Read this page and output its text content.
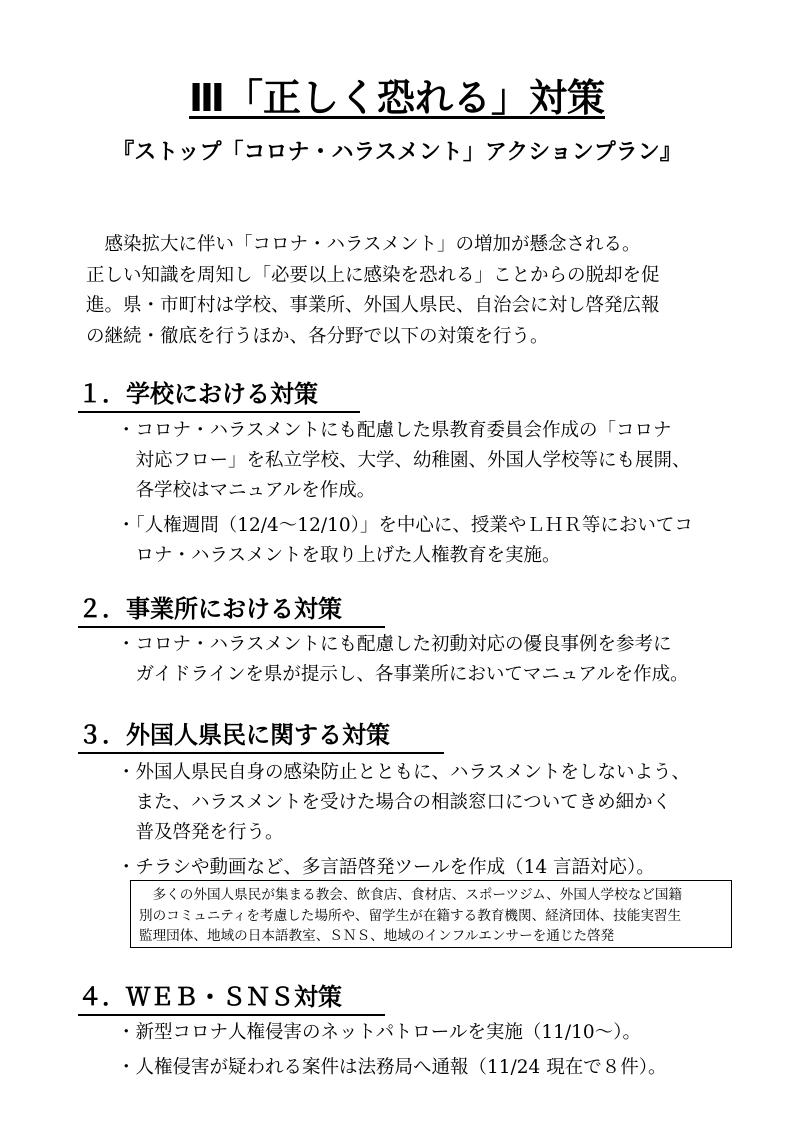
Ⅲ「正しく恐れる」対策
『ストップ「コロナ・ハラスメント」アクションプラン』

　感染拡大に伴い「コロナ・ハラスメント」の増加が懸念される。

正しい知識を周知し「必要以上に感染を恐れる」ことからの脱却を促

進。県・市町村は学校、事業所、外国人県民、自治会に対し啓発広報

の継続・徹底を行うほか、各分野で以下の対策を行う。

１．学校における対策

・コロナ・ハラスメントにも配慮した県教育委員会作成の「コロナ

　対応フロー」を私立学校、大学、幼稚園、外国人学校等にも展開、

　各学校はマニュアルを作成。

・「人権週間（12/4～12/10）」を中心に、授業やＬＨＲ等においてコ

　ロナ・ハラスメントを取り上げた人権教育を実施。

２．事業所における対策

・コロナ・ハラスメントにも配慮した初動対応の優良事例を参考に

　ガイドラインを県が提示し、各事業所においてマニュアルを作成。

３．外国人県民に関する対策

・外国人県民自身の感染防止とともに、ハラスメントをしないよう、

　また、ハラスメントを受けた場合の相談窓口についてきめ細かく

　普及啓発を行う。

・チラシや動画など、多言語啓発ツールを作成（14 言語対応）。

　多くの外国人県民が集まる教会、飲食店、食材店、スポーツジム、外国人学校など国籍

別のコミュニティを考慮した場所や、留学生が在籍する教育機関、経済団体、技能実習生

監理団体、地域の日本語教室、ＳＮＳ、地域のインフルエンサーを通じた啓発

４．ＷＥＢ・ＳＮＳ対策

・新型コロナ人権侵害のネットパトロールを実施（11/10～）。

・人権侵害が疑われる案件は法務局へ通報（11/24 現在で８件）。
